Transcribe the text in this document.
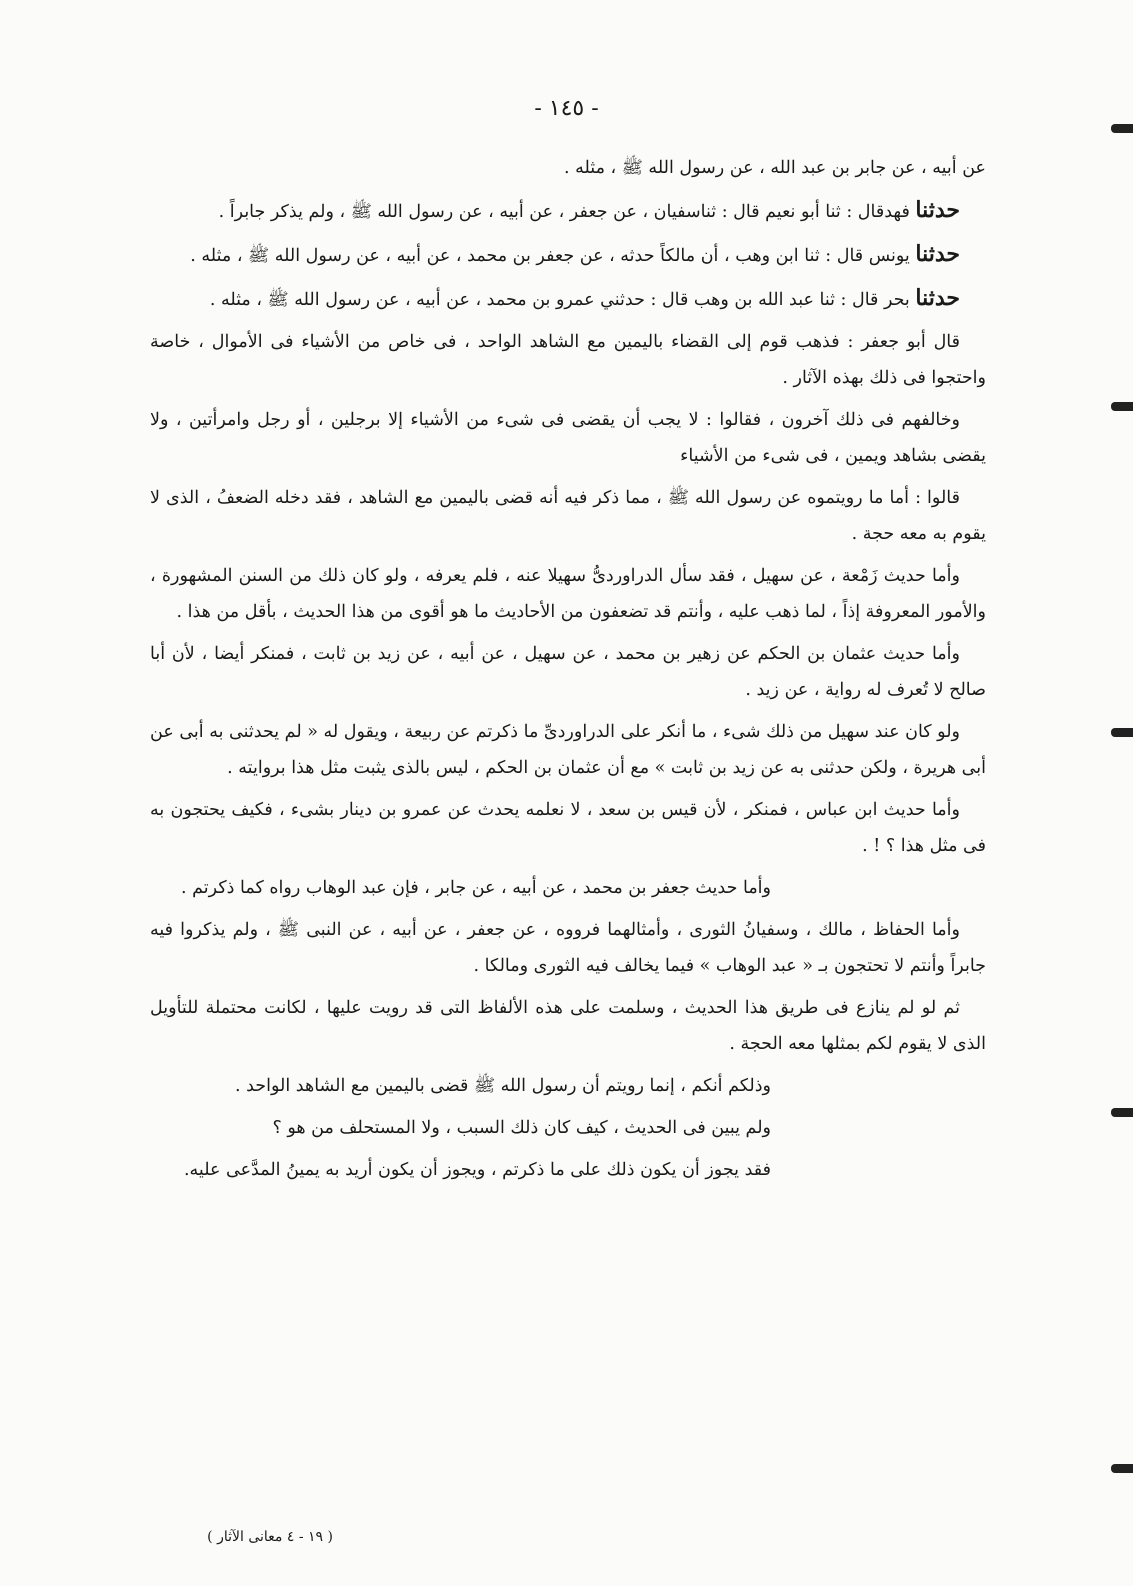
- ١٤٥ -

عن أبيه ، عن جابر بن عبد الله ، عن رسول الله ﷺ ، مثله .

حدثنا فهدقال : ثنا أبو نعيم قال : ثناسفيان ، عن جعفر ، عن أبيه ، عن رسول الله ﷺ ، ولم يذكر جابراً .

حدثنا يونس قال : ثنا ابن وهب ، أن مالكاً حدثه ، عن جعفر بن محمد ، عن أبيه ، عن رسول الله ﷺ ، مثله .

حدثنا بحر قال : ثنا عبد الله بن وهب قال : حدثني عمرو بن محمد ، عن أبيه ، عن رسول الله ﷺ ، مثله .

قال أبو جعفر : فذهب قوم إلى القضاء باليمين مع الشاهد الواحد ، فى خاص من الأشياء فى الأموال ، خاصة واحتجوا فى ذلك بهذه الآثار .

وخالفهم فى ذلك آخرون ، فقالوا : لا يجب أن يقضى فى شىء من الأشياء إلا برجلين ، أو رجل وامرأتين ، ولا يقضى بشاهد ويمين ، فى شىء من الأشياء

قالوا : أما ما رويتموه عن رسول الله ﷺ ، مما ذكر فيه أنه قضى باليمين مع الشاهد ، فقد دخله الضعفُ ، الذى لا يقوم به معه حجة .

وأما حديث زَمْعة ، عن سهيل ، فقد سأل الدراوردىُّ سهيلا عنه ، فلم يعرفه ، ولو كان ذلك من السنن المشهورة ، والأمور المعروفة إذاً ، لما ذهب عليه ، وأنتم قد تضعفون من الأحاديث ما هو أقوى من هذا الحديث ، بأقل من هذا .

وأما حديث عثمان بن الحكم عن زهير بن محمد ، عن سهيل ، عن أبيه ، عن زيد بن ثابت ، فمنكر أيضا ، لأن أبا صالح لا تُعرف له رواية ، عن زيد .

ولو كان عند سهيل من ذلك شىء ، ما أنكر على الدراوردىِّ ما ذكرتم عن ربيعة ، ويقول له « لم يحدثنى به أبى عن أبى هريرة ، ولكن حدثنى به عن زيد بن ثابت » مع أن عثمان بن الحكم ، ليس بالذى يثبت مثل هذا بروايته .

وأما حديث ابن عباس ، فمنكر ، لأن قيس بن سعد ، لا نعلمه يحدث عن عمرو بن دينار بشىء ، فكيف يحتجون به فى مثل هذا ؟ ! .

وأما حديث جعفر بن محمد ، عن أبيه ، عن جابر ، فإن عبد الوهاب رواه كما ذكرتم .

وأما الحفاظ ، مالك ، وسفيانُ الثورى ، وأمثالهما فرووه ، عن جعفر ، عن أبيه ، عن النبى ﷺ ، ولم يذكروا فيه جابراً وأنتم لا تحتجون بـ « عبد الوهاب » فيما يخالف فيه الثورى ومالكا .

ثم لو لم ينازع فى طريق هذا الحديث ، وسلمت على هذه الألفاظ التى قد رويت عليها ، لكانت محتملة للتأويل الذى لا يقوم لكم بمثلها معه الحجة .

وذلكم أنكم ، إنما رويتم أن رسول الله ﷺ قضى باليمين مع الشاهد الواحد .

ولم يبين فى الحديث ، كيف كان ذلك السبب ، ولا المستحلف من هو ؟

فقد يجوز أن يكون ذلك على ما ذكرتم ، ويجوز أن يكون أريد به يمينُ المدَّعى عليه.

( ١٩ - ٤ معانى الآثار )
